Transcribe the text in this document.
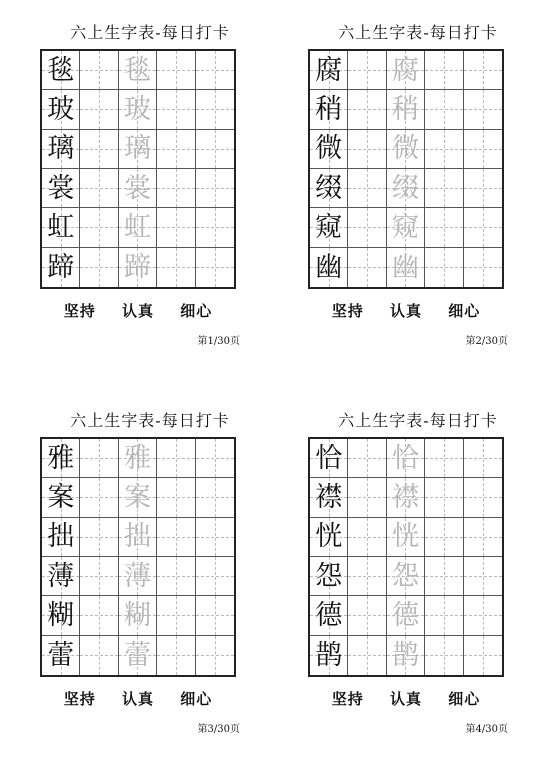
六上生字表-每日打卡
毯 毯
玻 玻
璃 璃
裳 裳
虹 虹
蹄 蹄
坚持 认真 细心
第1/30页
六上生字表-每日打卡
腐 腐
稍 稍
微 微
缀 缀
窥 窥
幽 幽
坚持 认真 细心
第2/30页
六上生字表-每日打卡
雅 雅
案 案
拙 拙
薄 薄
糊 糊
蕾 蕾
坚持 认真 细心
第3/30页
六上生字表-每日打卡
恰 恰
襟 襟
恍 恍
怨 怨
德 德
鹊 鹊
坚持 认真 细心
第4/30页
